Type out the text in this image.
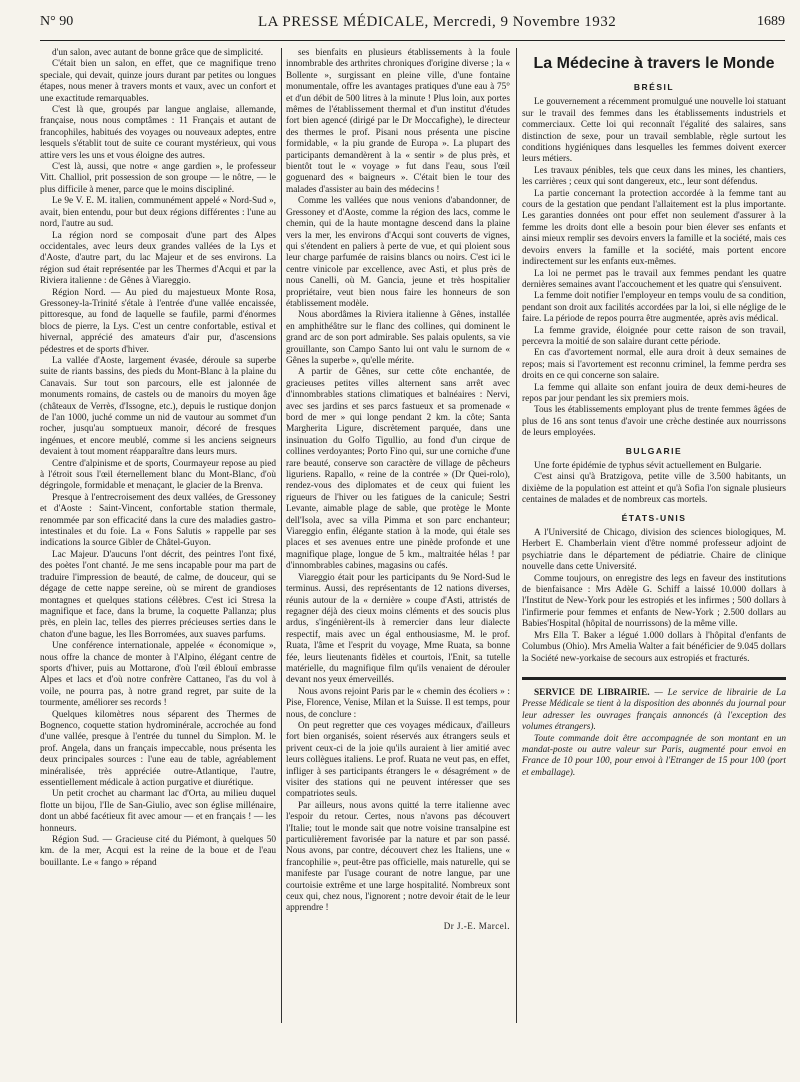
N° 90	LA PRESSE MÉDICALE, Mercredi, 9 Novembre 1932	1689

d'un salon, avec autant de bonne grâce que de simplicité.

C'était bien un salon, en effet, que ce magnifique treno speciale, qui devait, quinze jours durant par petites ou longues étapes, nous mener à travers monts et vaux, avec un confort et une exactitude remarquables.

C'est là que, groupés par langue anglaise, allemande, française, nous nous comptâmes : 11 Français et autant de francophiles, habitués des voyages ou nouveaux adeptes, entre lesquels s'établit tout de suite ce courant mystérieux, qui vous attire vers les uns et vous éloigne des autres.

C'est là, aussi, que notre « ange gardien », le professeur Vitt. Challiol, prit possession de son groupe — le nôtre, — le plus difficile à mener, parce que le moins discipliné.

Le 9e V. E. M. italien, communément appelé « Nord-Sud », avait, bien entendu, pour but deux régions différentes : l'une au nord, l'autre au sud.

La région nord se composait d'une part des Alpes occidentales, avec leurs deux grandes vallées de la Lys et d'Aoste, d'autre part, du lac Majeur et de ses environs. La région sud était représentée par les Thermes d'Acqui et par la Riviera italienne : de Gênes à Viareggio.

Région Nord. — Au pied du majestueux Monte Rosa, Gressoney-la-Trinité s'étale à l'entrée d'une vallée encaissée, pittoresque, au fond de laquelle se faufile, parmi d'énormes blocs de pierre, la Lys. C'est un centre confortable, estival et hivernal, apprécié des amateurs d'air pur, d'ascensions pédestres et de sports d'hiver.

La vallée d'Aoste, largement évasée, déroule sa superbe suite de riants bassins, des pieds du Mont-Blanc à la plaine du Canavais. Sur tout son parcours, elle est jalonnée de monuments romains, de castels ou de manoirs du moyen âge (châteaux de Verrès, d'Issogne, etc.), depuis le rustique donjon de l'an 1000, juché comme un nid de vautour au sommet d'un rocher, jusqu'au somptueux manoir, décoré de fresques ingénues, et encore meublé, comme si les anciens seigneurs devaient à tout moment réapparaître dans leurs murs.

Centre d'alpinisme et de sports, Courmayeur repose au pied à l'étroit sous l'œil éternellement blanc du Mont-Blanc, d'où dégringole, formidable et menaçant, le glacier de la Brenva.

Presque à l'entrecroisement des deux vallées, de Gressoney et d'Aoste : Saint-Vincent, confortable station thermale, renommée par son efficacité dans la cure des maladies gastro-intestinales et du foie. La « Fons Salutis » rappelle par ses indications la source Gibler de Châtel-Guyon.

Lac Majeur. D'aucuns l'ont décrit, des peintres l'ont fixé, des poètes l'ont chanté. Je me sens incapable pour ma part de traduire l'impression de beauté, de calme, de douceur, qui se dégage de cette nappe sereine, où se mirent de grandioses montagnes et quelques stations célèbres. C'est ici Stresa la magnifique et face, dans la brume, la coquette Pallanza; plus près, en plein lac, telles des pierres précieuses serties dans le chaton d'une bague, les Iles Borromées, aux suaves parfums.

Une conférence internationale, appelée « économique », nous offre la chance de monter à l'Alpino, élégant centre de sports d'hiver, puis au Mottarone, d'où l'œil éblouï embrasse Alpes et lacs et d'où notre confrère Cattaneo, l'as du vol à voile, ne pourra pas, à notre grand regret, par suite de la tourmente, améliorer ses records !

Quelques kilomètres nous séparent des Thermes de Bognenco, coquette station hydrominérale, accrochée au fond d'une vallée, presque à l'entrée du tunnel du Simplon. M. le prof. Angela, dans un français impeccable, nous présenta les deux principales sources : l'une eau de table, agréablement minéralisée, très appréciée outre-Atlantique, l'autre, essentiellement médicale à action purgative et diurétique.

Un petit crochet au charmant lac d'Orta, au milieu duquel flotte un bijou, l'Ile de San-Giulio, avec son église millénaire, dont un abbé facétieux fit avec amour — et en français ! — les honneurs.

Région Sud. — Gracieuse cité du Piémont, à quelques 50 km. de la mer, Acqui est la reine de la boue et de l'eau bouillante. Le « fango » répand

ses bienfaits en plusieurs établissements à la foule innombrable des arthrites chroniques d'origine diverse ; la « Bollente », surgissant en pleine ville, d'une fontaine monumentale, offre les avantages pratiques d'une eau à 75° et d'un débit de 500 litres à la minute ! Plus loin, aux portes mêmes de l'établissement thermal et d'un institut d'études fort bien agencé (dirigé par le Dr Moccafighe), le directeur des thermes le prof. Pisani nous présenta une piscine formidable, « la piu grande de Europa ». La plupart des participants demandèrent à la « sentir » de plus près, et bientôt tout le « voyage » fut dans l'eau, sous l'œil goguenard des « baigneurs ». C'était bien le tour des malades d'assister au bain des médecins !

Comme les vallées que nous venions d'abandonner, de Gressoney et d'Aoste, comme la région des lacs, comme le chemin, qui de la haute montagne descend dans la plaine vers la mer, les environs d'Acqui sont couverts de vignes, qui s'étendent en paliers à perte de vue, et qui ploient sous leur charge parfumée de raisins blancs ou noirs. C'est ici le centre vinicole par excellence, avec Asti, et plus près de nous Canelli, où M. Gancia, jeune et très hospitalier propriétaire, veut bien nous faire les honneurs de son établissement modèle.

Nous abordâmes la Riviera italienne à Gênes, installée en amphithéâtre sur le flanc des collines, qui dominent le grand arc de son port admirable. Ses palais opulents, sa vie grouillante, son Campo Santo lui ont valu le surnom de « Gênes la superbe », qu'elle mérite.

A partir de Gênes, sur cette côte enchantée, de gracieuses petites villes alternent sans arrêt avec d'innombrables stations climatiques et balnéaires : Nervi, avec ses jardins et ses parcs fastueux et sa promenade « bord de mer » qui longe pendant 2 km. la côte; Santa Margherita Ligure, discrètement parquée, dans une insinuation du Golfo Tigullio, au fond d'un cirque de collines verdoyantes; Porto Fino qui, sur une corniche d'une rare beauté, conserve son caractère de village de pêcheurs liguriens. Rapallo, « reine de la contrée » (Dr Quei-rolo), rendez-vous des diplomates et de ceux qui fuient les rigueurs de l'hiver ou les fatigues de la canicule; Sestri Levante, aimable plage de sable, que protège le Monte dell'Isola, avec sa villa Pimma et son parc enchanteur; Viareggio enfin, élégante station à la mode, qui étale ses places et ses avenues entre une pinède profonde et une magnifique plage, longue de 5 km., maltraitée hélas ! par d'innombrables cabines, magasins ou cafés.

Viareggio était pour les participants du 9e Nord-Sud le terminus. Aussi, des représentants de 12 nations diverses, réunis autour de la « dernière » coupe d'Asti, attristés de regagner déjà des cieux moins cléments et des soucis plus ardus, s'ingénièrent-ils à remercier dans leur dialecte respectif, mais avec un égal enthousiasme, M. le prof. Ruata, l'âme et l'esprit du voyage, Mme Ruata, sa bonne fée, leurs lieutenants fidèles et courtois, l'Enit, sa tutelle matérielle, du magnifique film qu'ils venaient de dérouler devant nos yeux émerveillés.

Nous avons rejoint Paris par le « chemin des écoliers » : Pise, Florence, Venise, Milan et la Suisse. Il est temps, pour nous, de conclure :

On peut regretter que ces voyages médicaux, d'ailleurs fort bien organisés, soient réservés aux étrangers seuls et privent ceux-ci de la joie qu'ils auraient à lier amitié avec leurs collègues italiens. Le prof. Ruata ne veut pas, en effet, infliger à ses participants étrangers le « désagrément » de visiter des stations qui ne peuvent intéresser que ses compatriotes seuls.

Par ailleurs, nous avons quitté la terre italienne avec l'espoir du retour. Certes, nous n'avons pas découvert l'Italie; tout le monde sait que notre voisine transalpine est particulièrement favorisée par la nature et par son passé. Nous avons, par contre, découvert chez les Italiens, une « francophilie », peut-être pas officielle, mais naturelle, qui se manifeste par l'usage courant de notre langue, par une courtoisie extrême et une large hospitalité. Nombreux sont ceux qui, chez nous, l'ignorent ; notre devoir était de le leur apprendre !

Dr J.-E. Marcel.
La Médecine à travers le Monde
BRÉSIL

Le gouvernement a récemment promulgué une nouvelle loi statuant sur le travail des femmes dans les établissements industriels et commerciaux. Cette loi qui reconnaît l'égalité des salaires, sans distinction de sexe, pour un travail semblable, règle surtout les conditions hygiéniques dans lesquelles les femmes doivent exercer leurs métiers.

Les travaux pénibles, tels que ceux dans les mines, les chantiers, les carrières ; ceux qui sont dangereux, etc., leur sont défendus.

La partie concernant la protection accordée à la femme tant au cours de la gestation que pendant l'allaitement est la plus importante. Les garanties données ont pour effet non seulement d'assurer à la femme les droits dont elle a besoin pour bien élever ses enfants et ainsi mieux remplir ses devoirs envers la famille et la société, mais ces devoirs envers la famille et la société, mais portent encore indirectement sur les enfants eux-mêmes.

La loi ne permet pas le travail aux femmes pendant les quatre dernières semaines avant l'accouchement et les quatre qui s'ensuivent.

La femme doit notifier l'employeur en temps voulu de sa condition, pendant son droit aux facilités accordées par la loi, si elle néglige de le faire. La période de repos pourra être augmentée, après avis médical.

La femme gravide, éloignée pour cette raison de son travail, percevra la moitié de son salaire durant cette période.

En cas d'avortement normal, elle aura droit à deux semaines de repos; mais si l'avortement est reconnu criminel, la femme perdra ses droits en ce qui concerne son salaire.

La femme qui allaite son enfant jouira de deux demi-heures de repos par jour pendant les six premiers mois.

Tous les établissements employant plus de trente femmes âgées de plus de 16 ans sont tenus d'avoir une crèche destinée aux nourrissons de leurs employées.

BULGARIE

Une forte épidémie de typhus sévit actuellement en Bulgarie.

C'est ainsi qu'à Bratzigova, petite ville de 3.500 habitants, un dixième de la population est atteint et qu'à Sofia l'on signale plusieurs centaines de malades et de nombreux cas mortels.

ÉTATS-UNIS

A l'Université de Chicago, division des sciences biologiques, M. Herbert E. Chamberlain vient d'être nommé professeur adjoint de psychiatrie dans le département de pédiatrie. Chaire de clinique nouvelle dans cette Université.

Comme toujours, on enregistre des legs en faveur des institutions de bienfaisance : Mrs Adèle G. Schiff a laissé 10.000 dollars à l'Institut de New-York pour les estropiés et les infirmes ; 500 dollars à l'infirmerie pour femmes et enfants de New-York ; 2.500 dollars au Babies'Hospital (hôpital de nourrissons) de la même ville.

Mrs Ella T. Baker a légué 1.000 dollars à l'hôpital d'enfants de Columbus (Ohio). Mrs Amelia Walter a fait bénéficier de 9.045 dollars la Société new-yorkaise de secours aux estropiés et fracturés.

SERVICE DE LIBRAIRIE. — Le service de librairie de La Presse Médicale se tient à la disposition des abonnés du journal pour leur adresser les ouvrages français annoncés (à l'exception des volumes étrangers).

Toute commande doit être accompagnée de son montant en un mandat-poste ou autre valeur sur Paris, augmenté pour envoi en France de 10 pour 100, pour envoi à l'Etranger de 15 pour 100 (port et emballage).
